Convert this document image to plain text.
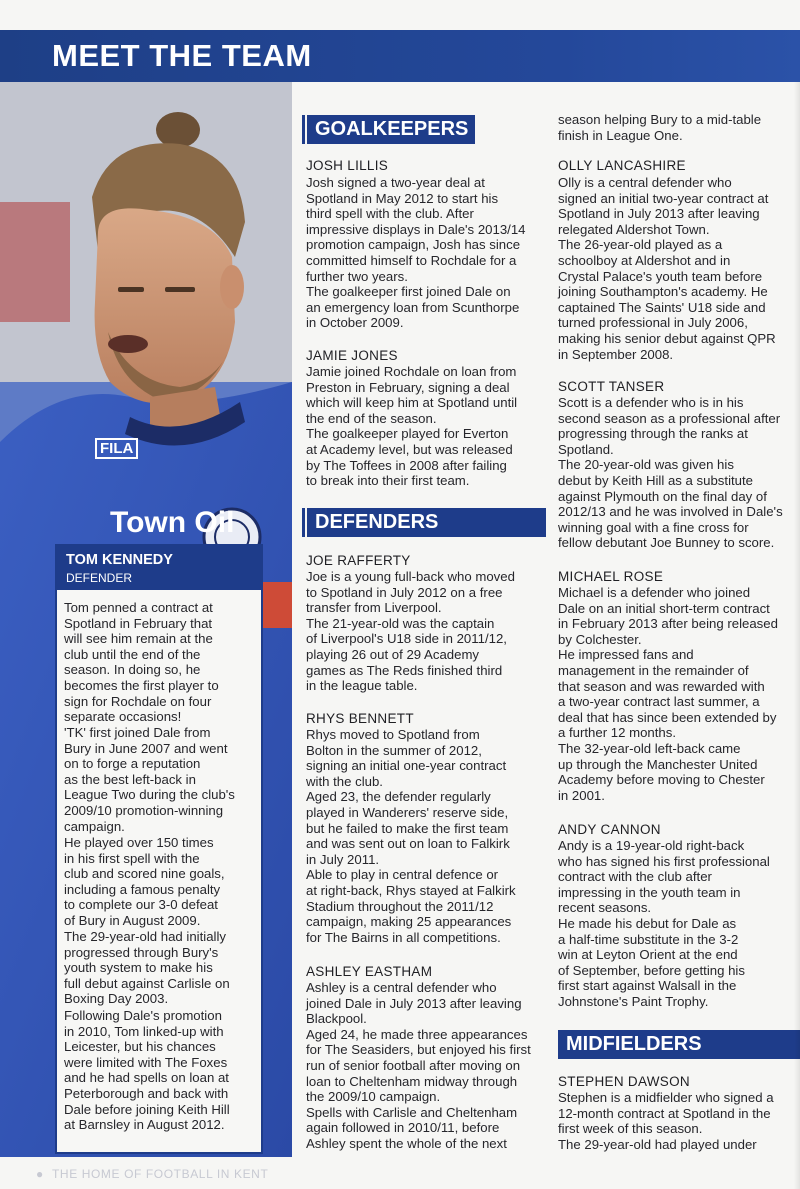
MEET THE TEAM
FILA
Town Oil
TOM KENNEDY
DEFENDER
Tom penned a contract at
Spotland in February that
will see him remain at the
club until the end of the
season. In doing so, he
becomes the first player to
sign for Rochdale on four
separate occasions!
'TK' first joined Dale from
Bury in June 2007 and went
on to forge a reputation
as the best left-back in
League Two during the club's
2009/10 promotion-winning
campaign.
He played over 150 times
in his first spell with the
club and scored nine goals,
including a famous penalty
to complete our 3-0 defeat
of Bury in August 2009.
The 29-year-old had initially
progressed through Bury's
youth system to make his
full debut against Carlisle on
Boxing Day 2003.
Following Dale's promotion
in 2010, Tom linked-up with
Leicester, but his chances
were limited with The Foxes
and he had spells on loan at
Peterborough and back with
Dale before joining Keith Hill
at Barnsley in August 2012.
GOALKEEPERS
JOSH LILLIS
Josh signed a two-year deal at
Spotland in May 2012 to start his
third spell with the club. After
impressive displays in Dale's 2013/14
promotion campaign, Josh has since
committed himself to Rochdale for a
further two years.
The goalkeeper first joined Dale on
an emergency loan from Scunthorpe
in October 2009.
JAMIE JONES
Jamie joined Rochdale on loan from
Preston in February, signing a deal
which will keep him at Spotland until
the end of the season.
The goalkeeper played for Everton
at Academy level, but was released
by The Toffees in 2008 after failing
to break into their first team.
DEFENDERS
JOE RAFFERTY
Joe is a young full-back who moved
to Spotland in July 2012 on a free
transfer from Liverpool.
The 21-year-old was the captain
of Liverpool's U18 side in 2011/12,
playing 26 out of 29 Academy
games as The Reds finished third
in the league table.
RHYS BENNETT
Rhys moved to Spotland from
Bolton in the summer of 2012,
signing an initial one-year contract
with the club.
Aged 23, the defender regularly
played in Wanderers' reserve side,
but he failed to make the first team
and was sent out on loan to Falkirk
in July 2011.
Able to play in central defence or
at right-back, Rhys stayed at Falkirk
Stadium throughout the 2011/12
campaign, making 25 appearances
for The Bairns in all competitions.
ASHLEY EASTHAM
Ashley is a central defender who
joined Dale in July 2013 after leaving
Blackpool.
Aged 24, he made three appearances
for The Seasiders, but enjoyed his first
run of senior football after moving on
loan to Cheltenham midway through
the 2009/10 campaign.
Spells with Carlisle and Cheltenham
again followed in 2010/11, before
Ashley spent the whole of the next
season helping Bury to a mid-table
finish in League One.
OLLY LANCASHIRE
Olly is a central defender who
signed an initial two-year contract at
Spotland in July 2013 after leaving
relegated Aldershot Town.
The 26-year-old played as a
schoolboy at Aldershot and in
Crystal Palace's youth team before
joining Southampton's academy. He
captained The Saints' U18 side and
turned professional in July 2006,
making his senior debut against QPR
in September 2008.
SCOTT TANSER
Scott is a defender who is in his
second season as a professional after
progressing through the ranks at
Spotland.
The 20-year-old was given his
debut by Keith Hill as a substitute
against Plymouth on the final day of
2012/13 and he was involved in Dale's
winning goal with a fine cross for
fellow debutant Joe Bunney to score.
MICHAEL ROSE
Michael is a defender who joined
Dale on an initial short-term contract
in February 2013 after being released
by Colchester.
He impressed fans and
management in the remainder of
that season and was rewarded with
a two-year contract last summer, a
deal that has since been extended by
a further 12 months.
The 32-year-old left-back came
up through the Manchester United
Academy before moving to Chester
in 2001.
ANDY CANNON
Andy is a 19-year-old right-back
who has signed his first professional
contract with the club after
impressing in the youth team in
recent seasons.
He made his debut for Dale as
a half-time substitute in the 3-2
win at Leyton Orient at the end
of September, before getting his
first start against Walsall in the
Johnstone's Paint Trophy.
MIDFIELDERS
STEPHEN DAWSON
Stephen is a midfielder who signed a
12-month contract at Spotland in the
first week of this season.
The 29-year-old had played under
● THE HOME OF FOOTBALL IN KENT
